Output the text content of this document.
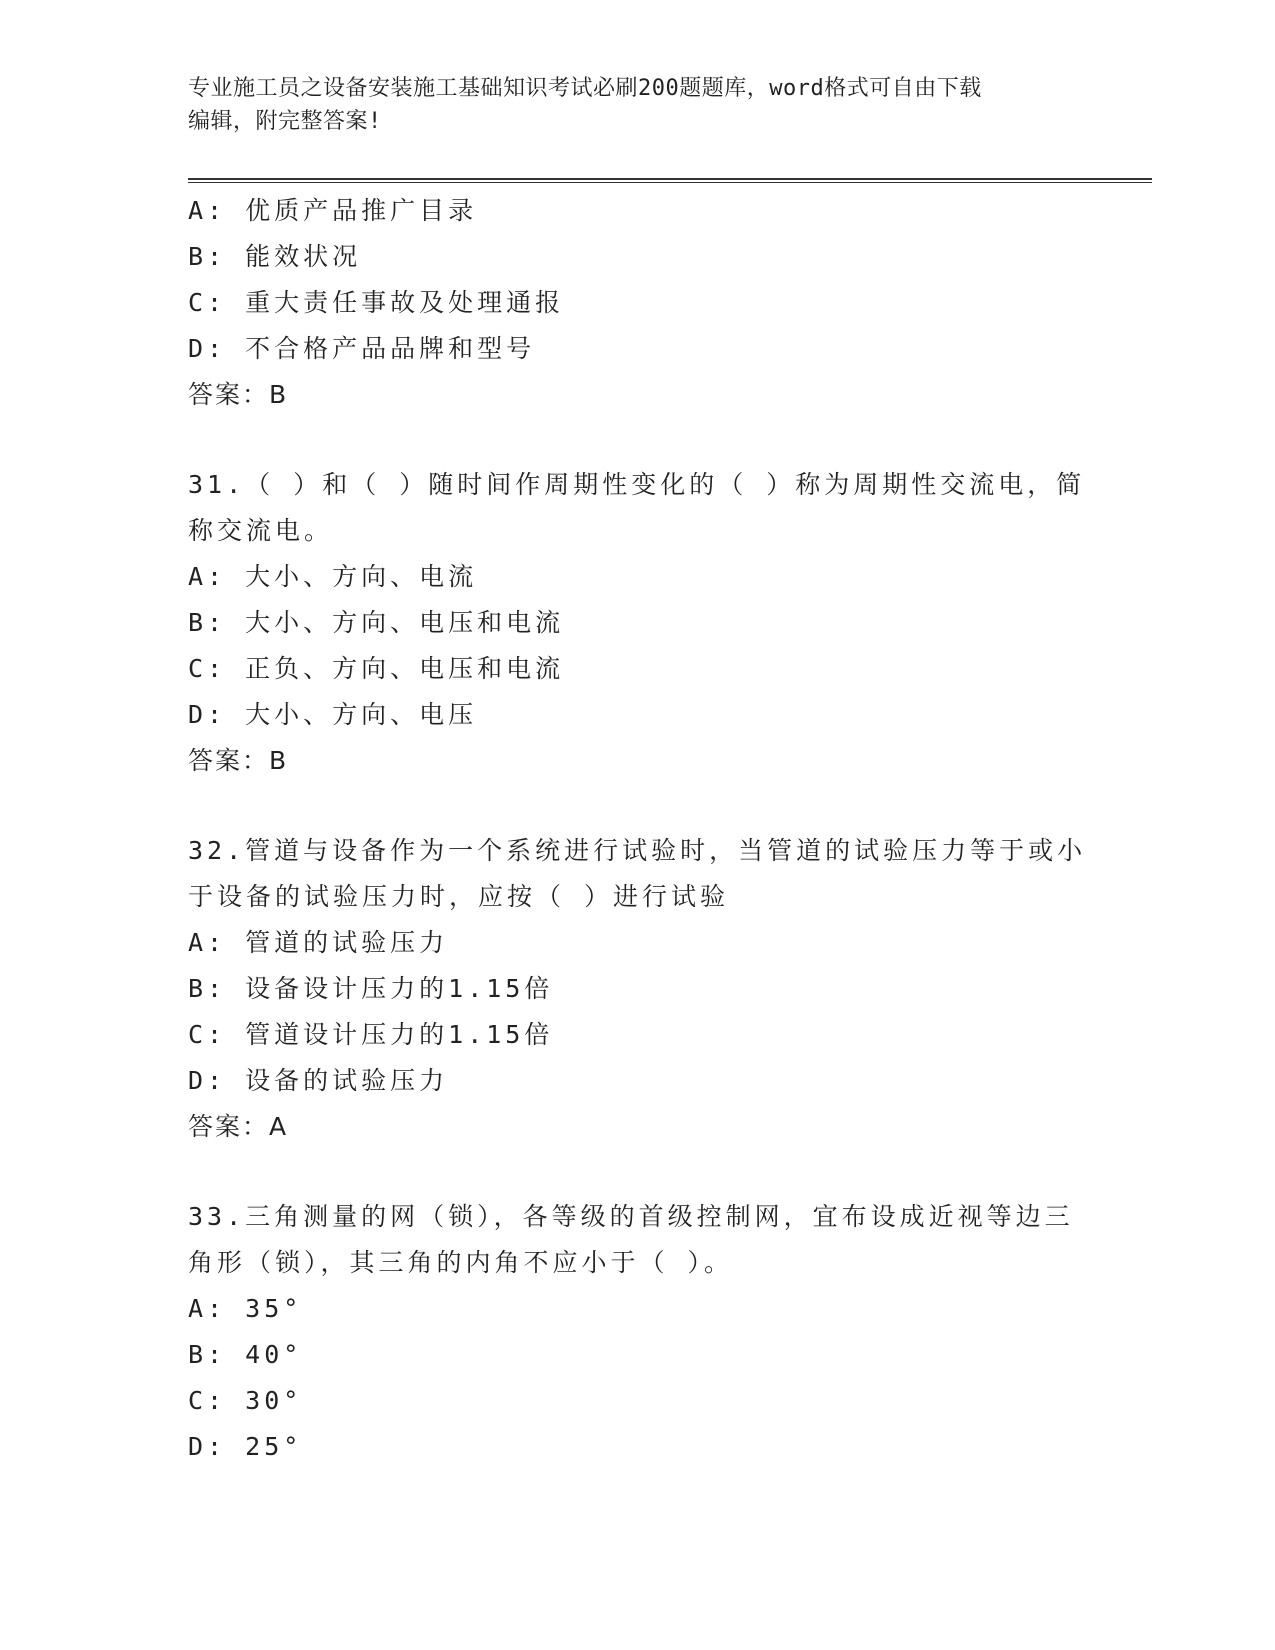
专业施工员之设备安装施工基础知识考试必刷200题题库，word格式可自由下载
编辑，附完整答案!
A: 优质产品推广目录
B: 能效状况
C: 重大责任事故及处理通报
D: 不合格产品品牌和型号
答案：B
31.（ ）和（ ）随时间作周期性变化的（ ）称为周期性交流电，简
称交流电。
A: 大小、方向、电流
B: 大小、方向、电压和电流
C: 正负、方向、电压和电流
D: 大小、方向、电压
答案：B
32.管道与设备作为一个系统进行试验时，当管道的试验压力等于或小
于设备的试验压力时，应按（ ）进行试验
A: 管道的试验压力
B: 设备设计压力的1.15倍
C: 管道设计压力的1.15倍
D: 设备的试验压力
答案：A
33.三角测量的网（锁），各等级的首级控制网，宜布设成近视等边三
角形（锁），其三角的内角不应小于（ ）。
A: 35°
B: 40°
C: 30°
D: 25°
